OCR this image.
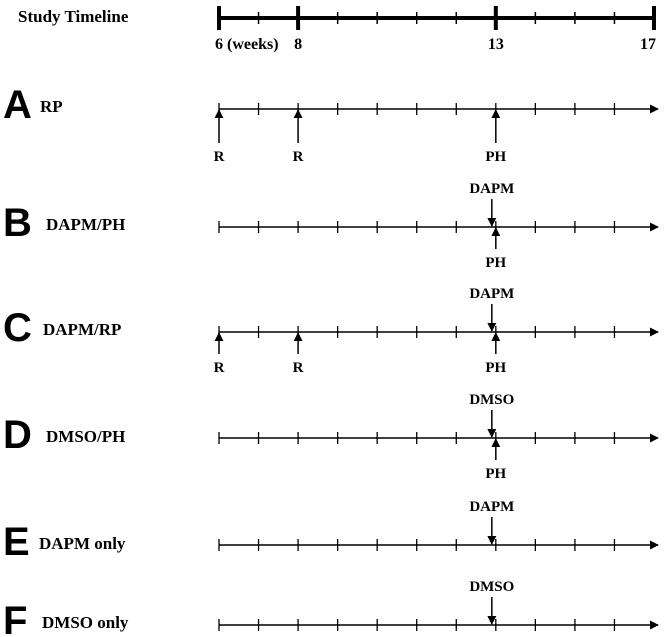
Study Timeline
6 (weeks) 8	13	17
A RP
R	R	PH
B DAPM/PH
DAPM
PH
C DAPM/RP
DAPM
R	R	PH
D DMSO/PH
DMSO
PH
E DAPM only
DAPM
F DMSO only
DMSO
